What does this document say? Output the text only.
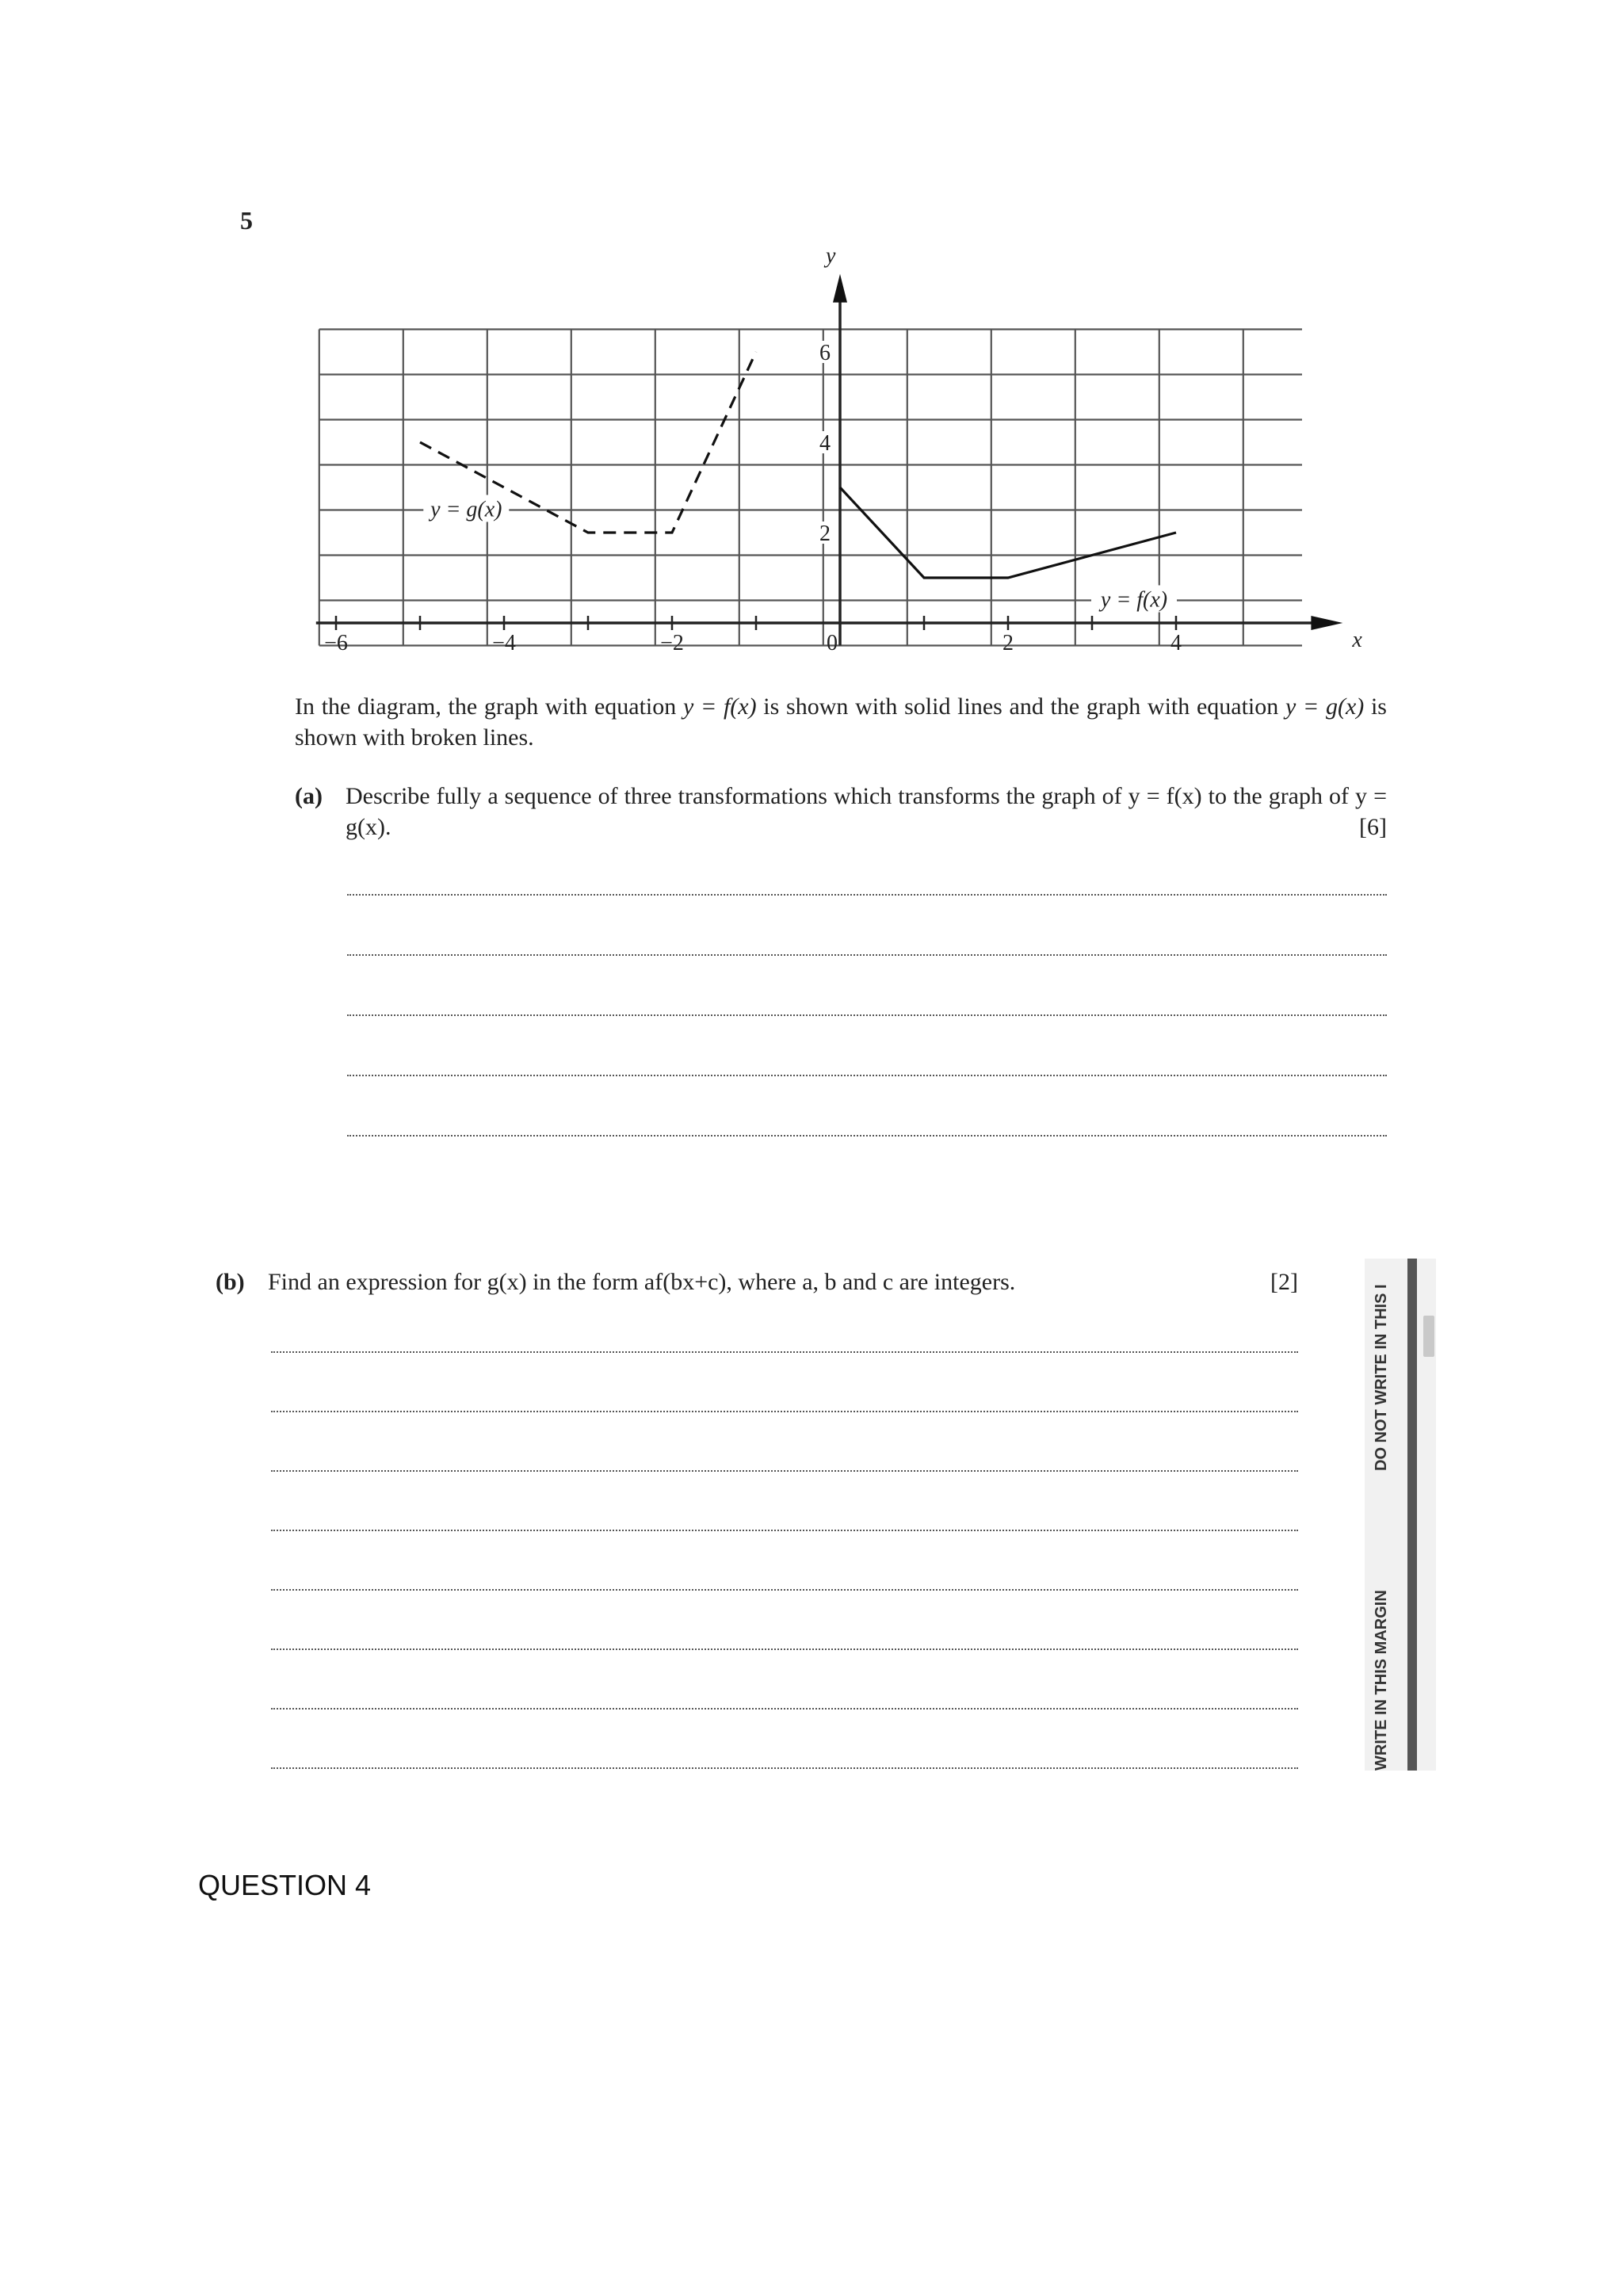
5
−6	−4	−2	0	2	4
2
4
6
x
y
y = g(x)
y = f(x)
In the diagram, the graph with equation y = f(x) is shown with solid lines and the graph with equation y = g(x) is shown with broken lines.
(a) Describe fully a sequence of three transformations which transforms the graph of y = f(x) to the graph of y = g(x).	[6]
(b) Find an expression for g(x) in the form af(bx+c), where a, b and c are integers.	[2]
DO NOT WRITE IN THIS I
WRITE IN THIS MARGIN
QUESTION 4
